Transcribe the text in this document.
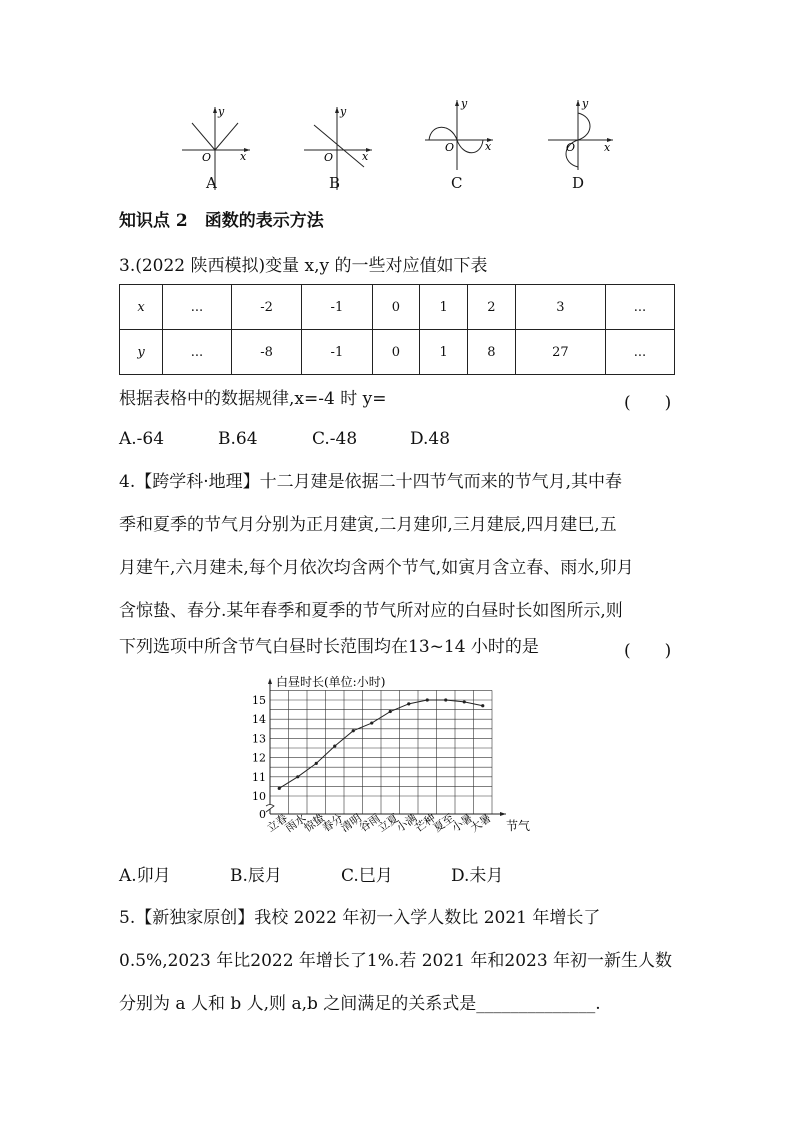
y
x
O
y
x
O
y
x
O
y
x
O
A	B	C	D
知识点 2　函数的表示方法
3.(2022 陕西模拟)变量 x,y 的一些对应值如下表
x	...	-2	-1	0	1	2	3	...
y	...	-8	-1	0	1	8	27	...
根据表格中的数据规律,x=-4 时 y=	(　　)
A.-64	B.64	C.-48	D.48
4.【跨学科·地理】十二月建是依据二十四节气而来的节气月,其中春
季和夏季的节气月分别为正月建寅,二月建卯,三月建辰,四月建巳,五
月建午,六月建未,每个月依次均含两个节气,如寅月含立春、雨水,卯月
含惊蛰、春分.某年春季和夏季的节气所对应的白昼时长如图所示,则
下列选项中所含节气白昼时长范围均在13~14 小时的是	(　　)
白昼时长(单位:小时)
节气
0
10
11
12
13
14
15
立春
雨水
惊蛰
春分
清明
谷雨
立夏
小满
芒种
夏至
小暑
大暑
A.卯月	B.辰月	C.巳月	D.未月
5.【新独家原创】我校 2022 年初一入学人数比 2021 年增长了
0.5%,2023 年比2022 年增长了1%.若 2021 年和2023 年初一新生人数
分别为 a 人和 b 人,则 a,b 之间满足的关系式是______________.
